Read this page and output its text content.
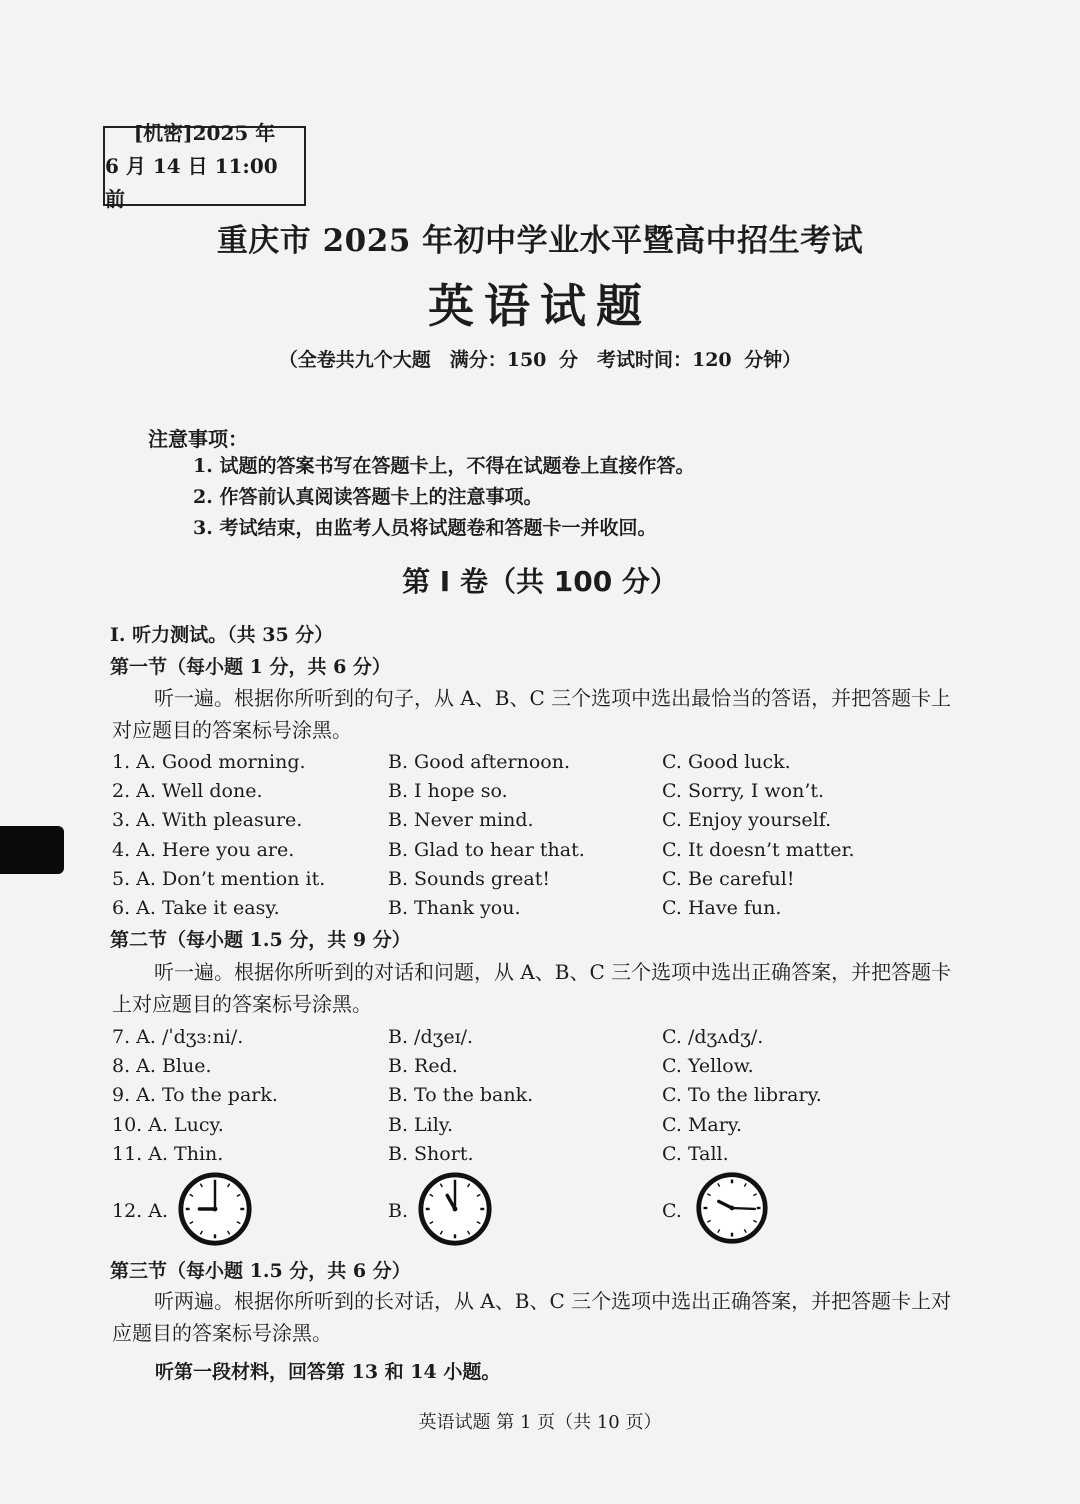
[机密]2025 年
6 月 14 日 11:00 前
重庆市 2025 年初中学业水平暨高中招生考试
英语试题
（全卷共九个大题　满分：150 分　考试时间：120 分钟）
注意事项：
1. 试题的答案书写在答题卡上，不得在试题卷上直接作答。
2. 作答前认真阅读答题卡上的注意事项。
3. 考试结束，由监考人员将试题卷和答题卡一并收回。
第 I 卷（共 100 分）
I. 听力测试。（共 35 分）
第一节（每小题 1 分，共 6 分）
听一遍。根据你所听到的句子，从 A、B、C 三个选项中选出最恰当的答语，并把答题卡上对应题目的答案标号涂黑。
1. A. Good morning.	B. Good afternoon.	C. Good luck.
2. A. Well done.	B. I hope so.	C. Sorry, I won’t.
3. A. With pleasure.	B. Never mind.	C. Enjoy yourself.
4. A. Here you are.	B. Glad to hear that.	C. It doesn’t matter.
5. A. Don’t mention it.	B. Sounds great!	C. Be careful!
6. A. Take it easy.	B. Thank you.	C. Have fun.
第二节（每小题 1.5 分，共 9 分）
听一遍。根据你所听到的对话和问题，从 A、B、C 三个选项中选出正确答案，并把答题卡上对应题目的答案标号涂黑。
7. A. /ˈdʒɜːni/.	B. /dʒeɪ/.	C. /dʒʌdʒ/.
8. A. Blue.	B. Red.	C. Yellow.
9. A. To the park.	B. To the bank.	C. To the library.
10. A. Lucy.	B. Lily.	C. Mary.
11. A. Thin.	B. Short.	C. Tall.
12. A.	B.	C.
第三节（每小题 1.5 分，共 6 分）
听两遍。根据你所听到的长对话，从 A、B、C 三个选项中选出正确答案，并把答题卡上对应题目的答案标号涂黑。
听第一段材料，回答第 13 和 14 小题。
英语试题 第 1 页（共 10 页）
